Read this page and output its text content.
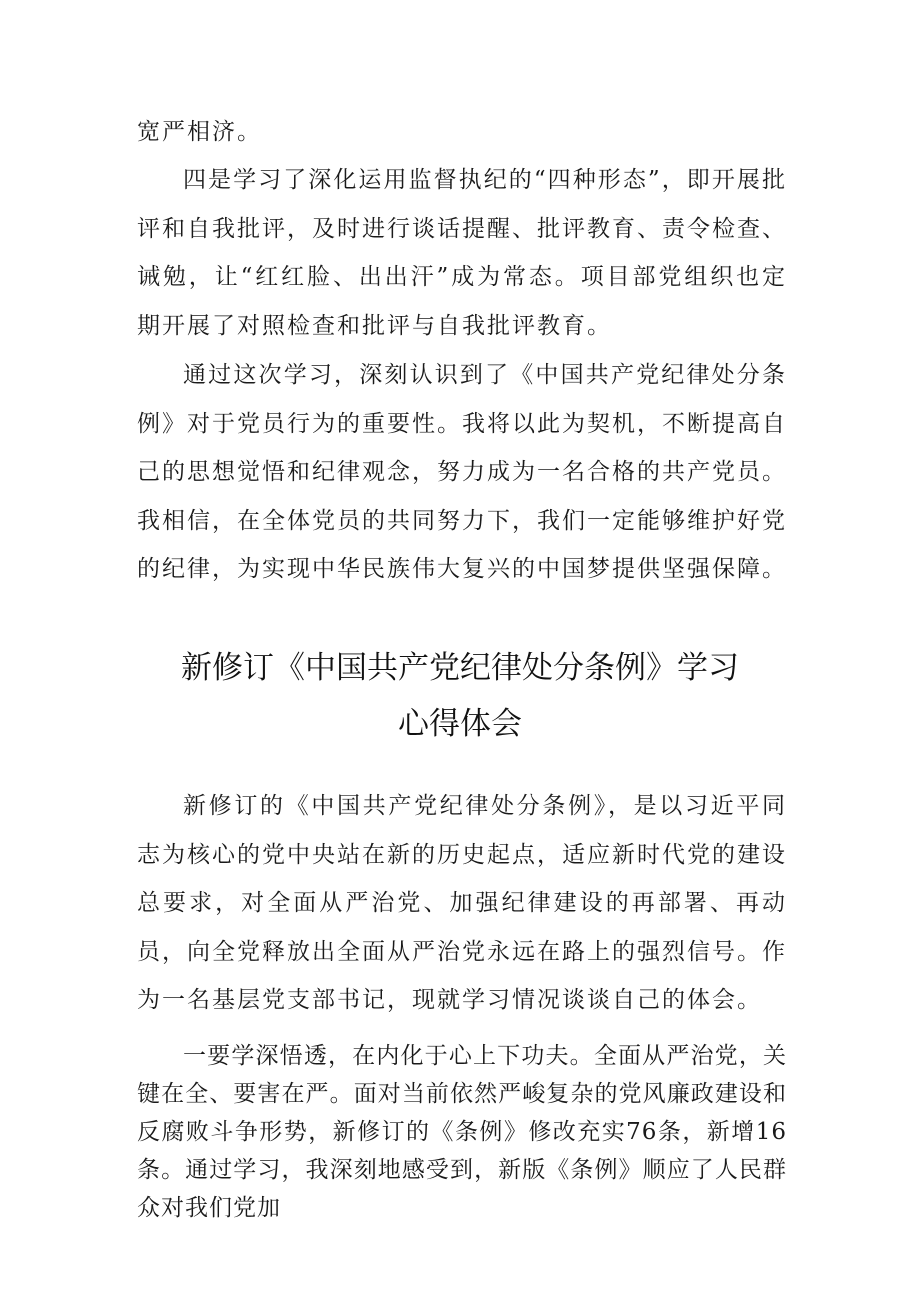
宽严相济。

四是学习了深化运用监督执纪的“四种形态”，即开展批评和自我批评，及时进行谈话提醒、批评教育、责令检查、诫勉，让“红红脸、出出汗”成为常态。项目部党组织也定期开展了对照检查和批评与自我批评教育。

通过这次学习，深刻认识到了《中国共产党纪律处分条例》对于党员行为的重要性。我将以此为契机，不断提高自己的思想觉悟和纪律观念，努力成为一名合格的共产党员。我相信，在全体党员的共同努力下，我们一定能够维护好党的纪律，为实现中华民族伟大复兴的中国梦提供坚强保障。

新修订《中国共产党纪律处分条例》学习
心得体会

新修订的《中国共产党纪律处分条例》，是以习近平同志为核心的党中央站在新的历史起点，适应新时代党的建设总要求，对全面从严治党、加强纪律建设的再部署、再动员，向全党释放出全面从严治党永远在路上的强烈信号。作为一名基层党支部书记，现就学习情况谈谈自己的体会。

一要学深悟透，在内化于心上下功夫。全面从严治党，关键在全、要害在严。面对当前依然严峻复杂的党风廉政建设和反腐败斗争形势，新修订的《条例》修改充实76条，新增16条。通过学习，我深刻地感受到，新版《条例》顺应了人民群众对我们党加
